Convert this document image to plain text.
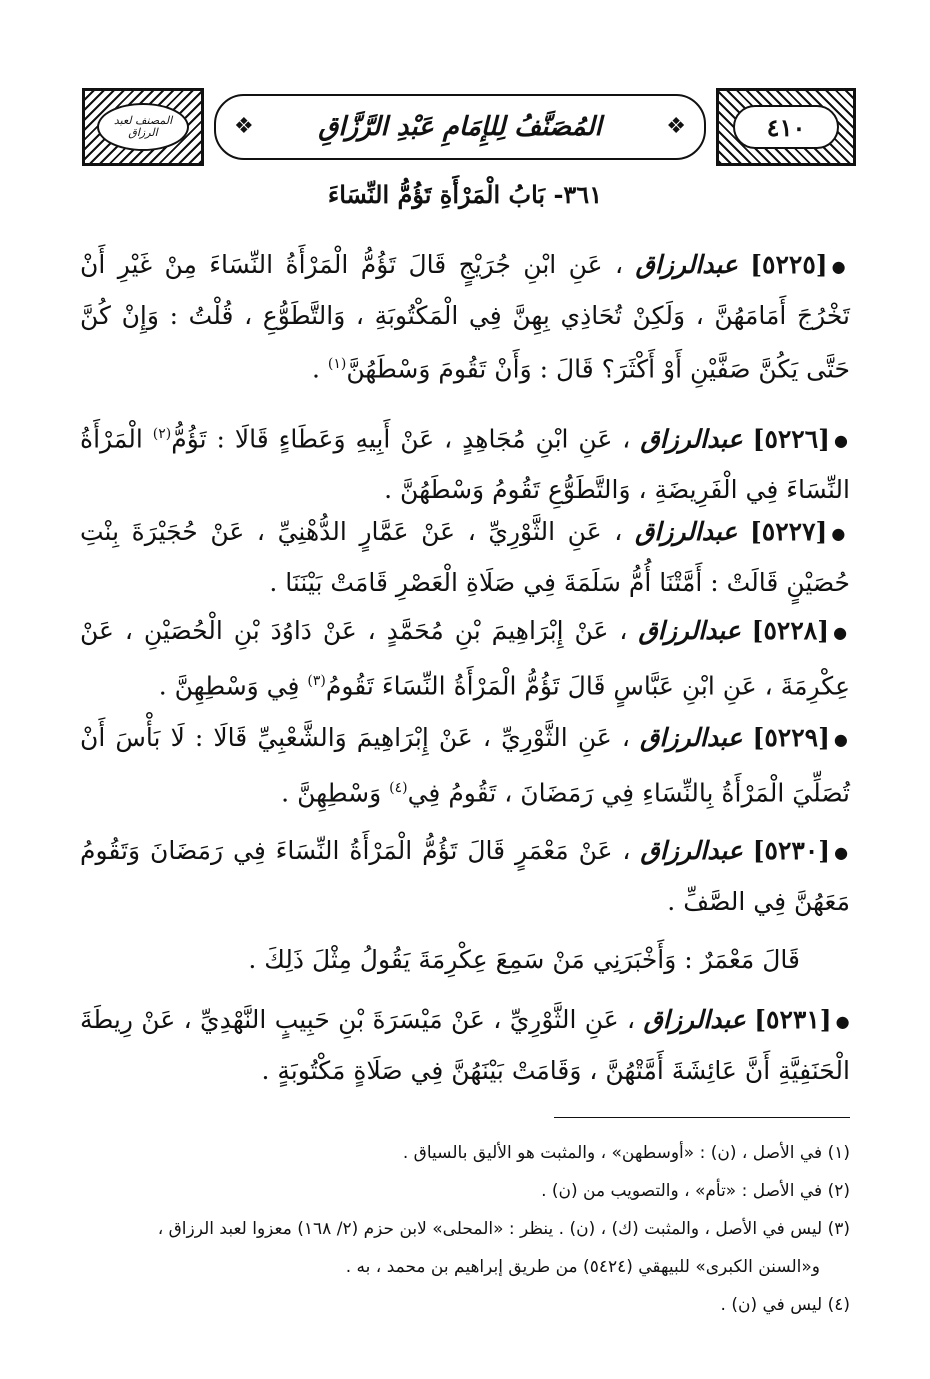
٤١٠
❖ المُصَنَّفُ لِلإِمَامِ عَبْدِ الرَّزَّاقِ
❖
المصنف لعبد الرزاق
٣٦١- بَابُ الْمَرْأَةِ تَؤُمُّ النِّسَاءَ
●[٥٢٢٥] عبدالرزاق ، عَنِ ابْنِ جُرَيْجٍ قَالَ تَؤُمُّ الْمَرْأَةُ النِّسَاءَ مِنْ غَيْرِ أَنْ تَخْرُجَ أَمَامَهُنَّ ، وَلَكِنْ تُحَاذِي بِهِنَّ فِي الْمَكْتُوبَةِ ، وَالتَّطَوُّعِ ، قُلْتُ : وَإِنْ كُنَّ حَتَّى يَكُنَّ صَفَّيْنِ أَوْ أَكْثَرَ؟ قَالَ : وَأَنْ تَقُومَ وَسْطَهُنَّ$^{(١)}$ .
●[٥٢٢٦] عبدالرزاق ، عَنِ ابْنِ مُجَاهِدٍ ، عَنْ أَبِيهِ وَعَطَاءٍ قَالَا : تَؤُمُّ$^{(٢)}$ الْمَرْأَةُ النِّسَاءَ فِي الْفَرِيضَةِ ، وَالتَّطَوُّعِ تَقُومُ وَسْطَهُنَّ .
●[٥٢٢٧] عبدالرزاق ، عَنِ الثَّوْرِيِّ ، عَنْ عَمَّارٍ الدُّهْنِيِّ ، عَنْ حُجَيْرَةَ بِنْتِ حُصَيْنٍ قَالَتْ : أَمَّتْنَا أُمُّ سَلَمَةَ فِي صَلَاةِ الْعَصْرِ قَامَتْ بَيْنَنَا .
●[٥٢٢٨] عبدالرزاق ، عَنْ إِبْرَاهِيمَ بْنِ مُحَمَّدٍ ، عَنْ دَاوُدَ بْنِ الْحُصَيْنِ ، عَنْ عِكْرِمَةَ ، عَنِ ابْنِ عَبَّاسٍ قَالَ تَؤُمُّ الْمَرْأَةُ النِّسَاءَ تَقُومُ$^{(٣)}$ فِي وَسْطِهِنَّ .
●[٥٢٢٩] عبدالرزاق ، عَنِ الثَّوْرِيِّ ، عَنْ إِبْرَاهِيمَ وَالشَّعْبِيِّ قَالَا : لَا بَأْسَ أَنْ تُصَلِّيَ الْمَرْأَةُ بِالنِّسَاءِ فِي رَمَضَانَ ، تَقُومُ فِي$^{(٤)}$ وَسْطِهِنَّ .
●[٥٢٣٠] عبدالرزاق ، عَنْ مَعْمَرٍ قَالَ تَؤُمُّ الْمَرْأَةُ النِّسَاءَ فِي رَمَضَانَ وَتَقُومُ مَعَهُنَّ فِي الصَّفِّ .
قَالَ مَعْمَرٌ : وَأَخْبَرَنِي مَنْ سَمِعَ عِكْرِمَةَ يَقُولُ مِثْلَ ذَلِكَ .
●[٥٢٣١] عبدالرزاق ، عَنِ الثَّوْرِيِّ ، عَنْ مَيْسَرَةَ بْنِ حَبِيبٍ النَّهْدِيِّ ، عَنْ رِيطَةَ الْحَنَفِيَّةِ أَنَّ عَائِشَةَ أَمَّتْهُنَّ ، وَقَامَتْ بَيْنَهُنَّ فِي صَلَاةٍ مَكْتُوبَةٍ .
(١) في الأصل ، (ن) : «أوسطهن» ، والمثبت هو الأليق بالسياق .
(٢) في الأصل : «تأم» ، والتصويب من (ن) .
(٣) ليس في الأصل ، والمثبت (ك) ، (ن) . ينظر : «المحلى» لابن حزم (٢/ ١٦٨) معزوا لعبد الرزاق ،
و«السنن الكبرى» للبيهقي (٥٤٢٤) من طريق إبراهيم بن محمد ، به .
(٤) ليس في (ن) .
